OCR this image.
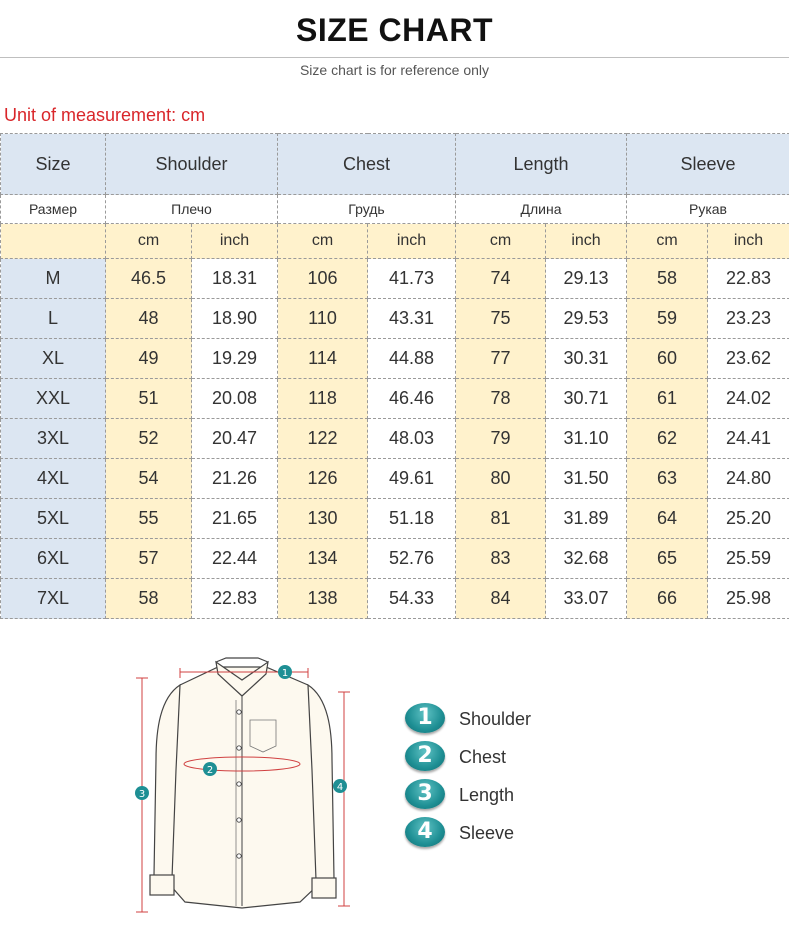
SIZE CHART
Size chart is for reference only
Unit of measurement: cm
Size	Shoulder		Chest		Length		Sleeve	
Размер	Плечо		Грудь		Длина		Рукав	
	cm	inch	cm	inch	cm	inch	cm	inch
M	46.5	18.31	106	41.73	74	29.13	58	22.83
L	48	18.90	110	43.31	75	29.53	59	23.23
XL	49	19.29	114	44.88	77	30.31	60	23.62
XXL	51	20.08	118	46.46	78	30.71	61	24.02
3XL	52	20.47	122	48.03	79	31.10	62	24.41
4XL	54	21.26	126	49.61	80	31.50	63	24.80
5XL	55	21.65	130	51.18	81	31.89	64	25.20
6XL	57	22.44	134	52.76	83	32.68	65	25.59
7XL	58	22.83	138	54.33	84	33.07	66	25.98
1
2
3
4
1	Shoulder
2	Chest
3	Length
4	Sleeve
